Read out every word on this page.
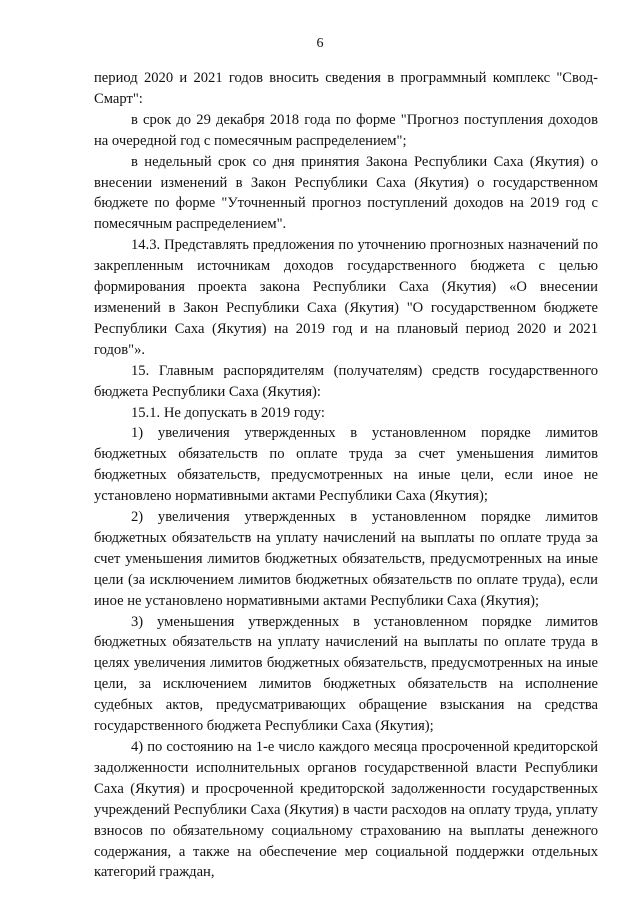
6

период 2020 и 2021 годов вносить сведения в программный комплекс "Свод-Смарт":

в срок до 29 декабря 2018 года по форме "Прогноз поступления доходов на очередной год с помесячным распределением";

в недельный срок со дня принятия Закона Республики Саха (Якутия) о внесении изменений в Закон Республики Саха (Якутия) о государственном бюджете по форме "Уточненный прогноз поступлений доходов на 2019 год с помесячным распределением".

14.3. Представлять предложения по уточнению прогнозных назначений по закрепленным источникам доходов государственного бюджета с целью формирования проекта закона Республики Саха (Якутия) «О внесении изменений в Закон Республики Саха (Якутия) "О государственном бюджете Республики Саха (Якутия) на 2019 год и на плановый период 2020 и 2021 годов"».

15. Главным распорядителям (получателям) средств государственного бюджета Республики Саха (Якутия):

15.1. Не допускать в 2019 году:

1) увеличения утвержденных в установленном порядке лимитов бюджетных обязательств по оплате труда за счет уменьшения лимитов бюджетных обязательств, предусмотренных на иные цели, если иное не установлено нормативными актами Республики Саха (Якутия);

2) увеличения утвержденных в установленном порядке лимитов бюджетных обязательств на уплату начислений на выплаты по оплате труда за счет уменьшения лимитов бюджетных обязательств, предусмотренных на иные цели (за исключением лимитов бюджетных обязательств по оплате труда), если иное не установлено нормативными актами Республики Саха (Якутия);

3) уменьшения утвержденных в установленном порядке лимитов бюджетных обязательств на уплату начислений на выплаты по оплате труда в целях увеличения лимитов бюджетных обязательств, предусмотренных на иные цели, за исключением лимитов бюджетных обязательств на исполнение судебных актов, предусматривающих обращение взыскания на средства государственного бюджета Республики Саха (Якутия);

4) по состоянию на 1-е число каждого месяца просроченной кредиторской задолженности исполнительных органов государственной власти Республики Саха (Якутия) и просроченной кредиторской задолженности государственных учреждений Республики Саха (Якутия) в части расходов на оплату труда, уплату взносов по обязательному социальному страхованию на выплаты денежного содержания, а также на обеспечение мер социальной поддержки отдельных категорий граждан,
